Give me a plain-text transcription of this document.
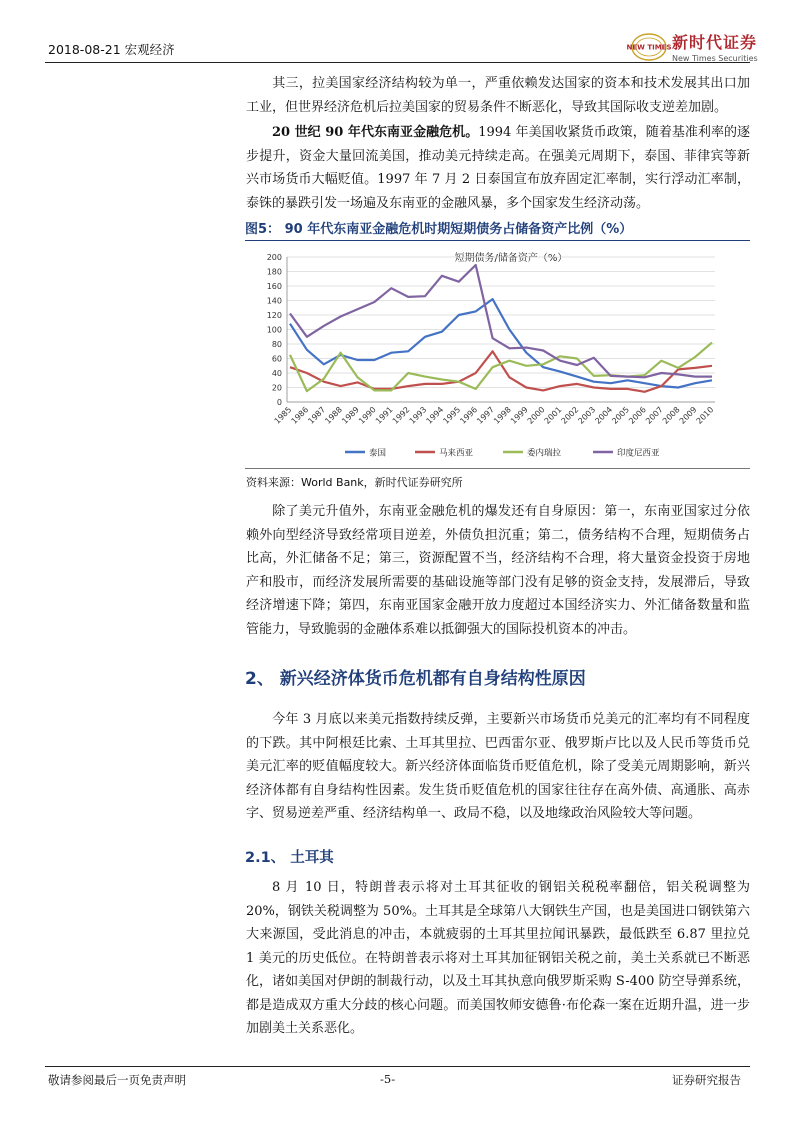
2018-08-21 宏观经济	NEW TIMES 新时代证券
New Times Securities
其三，拉美国家经济结构较为单一，严重依赖发达国家的资本和技术发展其出口加工业，但世界经济危机后拉美国家的贸易条件不断恶化，导致其国际收支逆差加剧。
20 世纪 90 年代东南亚金融危机。1994 年美国收紧货币政策，随着基准利率的逐步提升，资金大量回流美国，推动美元持续走高。在强美元周期下，泰国、菲律宾等新兴市场货币大幅贬值。1997 年 7 月 2 日泰国宣布放弃固定汇率制，实行浮动汇率制，泰铢的暴跌引发一场遍及东南亚的金融风暴，多个国家发生经济动荡。
图5： 90 年代东南亚金融危机时期短期债务占储备资产比例（%）
短期债务/储备资产（%）
0
20
40
60
80
100
120
140
160
180
200
1985
1986
1987
1988
1989
1990
1991
1992
1993
1994
1995
1996
1997
1998
1999
2000
2001
2002
2003
2004
2005
2006
2007
2008
2009
2010
泰国	马来西亚	委内瑞拉	印度尼西亚
资料来源：World Bank，新时代证券研究所
除了美元升值外，东南亚金融危机的爆发还有自身原因：第一，东南亚国家过分依赖外向型经济导致经常项目逆差，外债负担沉重；第二，债务结构不合理，短期债务占比高，外汇储备不足；第三，资源配置不当，经济结构不合理，将大量资金投资于房地产和股市，而经济发展所需要的基础设施等部门没有足够的资金支持，发展滞后，导致经济增速下降；第四，东南亚国家金融开放力度超过本国经济实力、外汇储备数量和监管能力，导致脆弱的金融体系难以抵御强大的国际投机资本的冲击。
2、 新兴经济体货币危机都有自身结构性原因
今年 3 月底以来美元指数持续反弹，主要新兴市场货币兑美元的汇率均有不同程度的下跌。其中阿根廷比索、土耳其里拉、巴西雷尔亚、俄罗斯卢比以及人民币等货币兑美元汇率的贬值幅度较大。新兴经济体面临货币贬值危机，除了受美元周期影响，新兴经济体都有自身结构性因素。发生货币贬值危机的国家往往存在高外债、高通胀、高赤字、贸易逆差严重、经济结构单一、政局不稳，以及地缘政治风险较大等问题。
2.1、 土耳其
8 月 10 日，特朗普表示将对土耳其征收的钢铝关税税率翻倍，铝关税调整为 20%，钢铁关税调整为 50%。土耳其是全球第八大钢铁生产国，也是美国进口钢铁第六大来源国，受此消息的冲击，本就疲弱的土耳其里拉闻讯暴跌，最低跌至 6.87 里拉兑 1 美元的历史低位。在特朗普表示将对土耳其加征钢铝关税之前，美土关系就已不断恶化，诸如美国对伊朗的制裁行动，以及土耳其执意向俄罗斯采购 S-400 防空导弹系统，都是造成双方重大分歧的核心问题。而美国牧师安德鲁·布伦森一案在近期升温，进一步加剧美土关系恶化。
敬请参阅最后一页免责声明	-5-	证券研究报告
